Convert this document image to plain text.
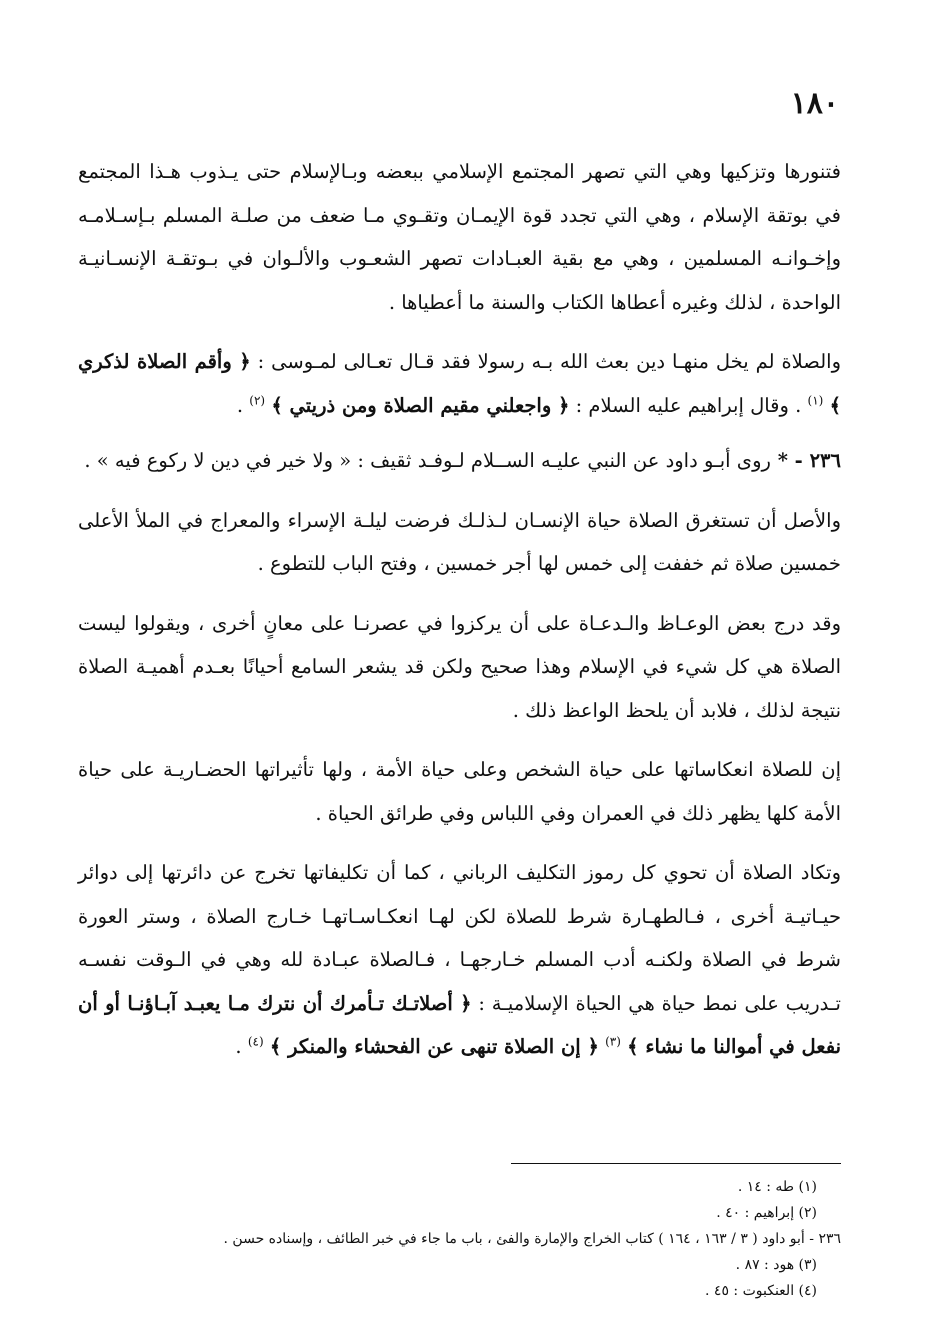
١٨٠

فتنورها وتزكيها وهي التي تصهر المجتمع الإسلامي ببعضه وبـالإسلام حتى يـذوب هـذا المجتمع في بوتقة الإسلام ، وهي التي تجدد قوة الإيمـان وتقـوي مـا ضعف من صلـة المسلم بـإسـلامـه وإخـوانـه المسلمين ، وهي مع بقية العبـادات تصهر الشعـوب والألـوان في بـوتقـة الإنسـانيـة الواحدة ، لذلك وغيره أعطاها الكتاب والسنة ما أعطياها .

والصلاة لم يخل منهـا دين بعث الله بـه رسولا فقد قـال تعـالى لمـوسى : ﴿ وأقم الصلاة لذكري ﴾ $^{(١)}$ . وقال إبراهيم عليه السلام : ﴿ واجعلني مقيم الصلاة ومن ذريتي ﴾ $^{(٢)}$ .

٢٣٦ - * روى أبـو داود عن النبي عليـه الســلام لـوفـد ثقيف : « ولا خير في دين لا ركوع فيه » .

والأصل أن تستغرق الصلاة حياة الإنسـان لـذلـك فرضت ليلـة الإسراء والمعراج في الملأ الأعلى خمسين صلاة ثم خففت إلى خمس لها أجر خمسين ، وفتح الباب للتطوع .

وقد درج بعض الوعـاظ والـدعـاة على أن يركزوا في عصرنـا على معانٍ أخرى ، ويقولوا ليست الصلاة هي كل شيء في الإسلام وهذا صحيح ولكن قد يشعر السامع أحيانًا بعـدم أهميـة الصلاة نتيجة لذلك ، فلابد أن يلحظ الواعظ ذلك .

إن للصلاة انعكاساتها على حياة الشخص وعلى حياة الأمة ، ولها تأثيراتها الحضـاريـة على حياة الأمة كلها يظهر ذلك في العمران وفي اللباس وفي طرائق الحياة .

وتكاد الصلاة أن تحوي كل رموز التكليف الرباني ، كما أن تكليفاتها تخرج عن دائرتها إلى دوائر حيـاتيـة أخرى ، فـالطهـارة شرط للصلاة لكن لهـا انعكـاسـاتهـا خـارج الصلاة ، وستر العورة شرط في الصلاة ولكنـه أدب المسلم خـارجهـا ، فـالصلاة عبـادة لله وهي في الـوقت نفسـه تـدريب على نمط حياة هي الحياة الإسلاميـة : ﴿ أصلاتـك تـأمرك أن نترك مـا يعبـد آبـاؤنـا أو أن نفعل في أموالنا ما نشاء ﴾ $^{(٣)}$ ﴿ إن الصلاة تنهى عن الفحشاء والمنكر ﴾ $^{(٤)}$ .

(١) طه : ١٤ .

(٢) إبراهيم : ٤٠ .

٢٣٦ - أبو داود ( ٣ / ١٦٣ ، ١٦٤ ) كتاب الخراج والإمارة والفئ ، باب ما جاء في خبر الطائف ، وإسناده حسن .

(٣) هود : ٨٧ .

(٤) العنكبوت : ٤٥ .
